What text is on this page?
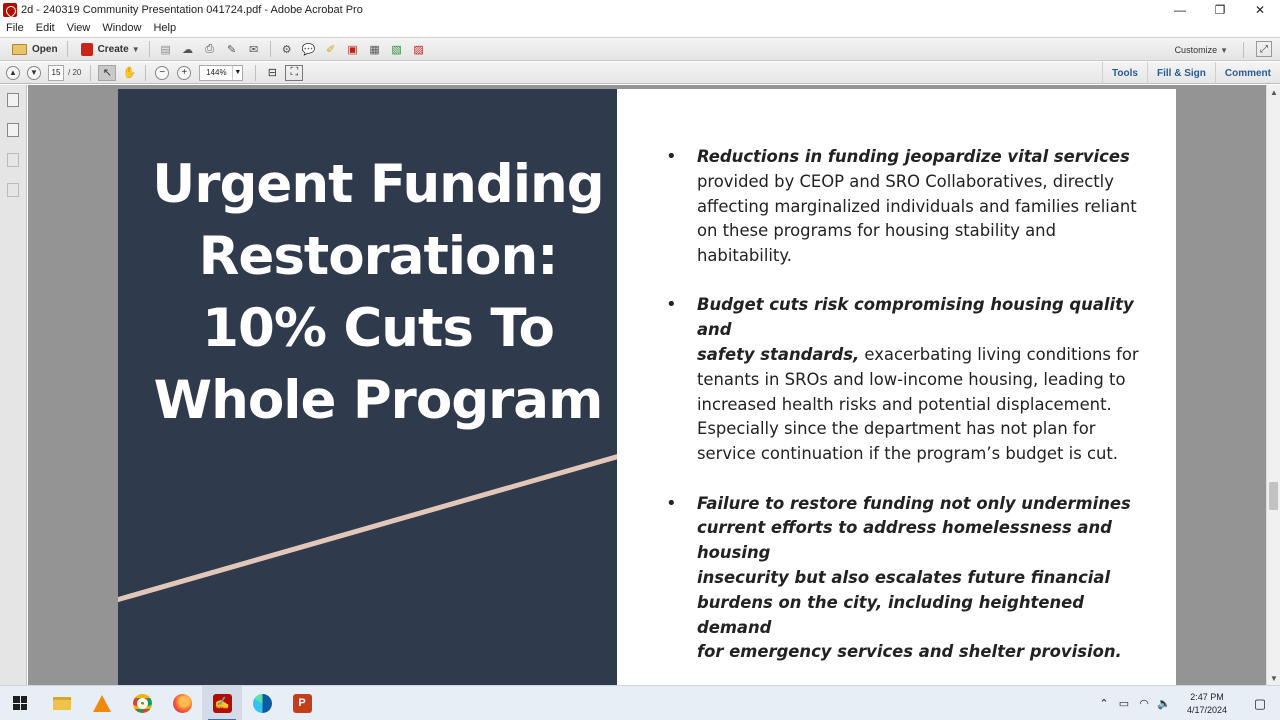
2d - 240319 Community Presentation 041724.pdf - Adobe Acrobat Pro	—	❐	✕
File	Edit	View	Window	Help
Open	Create ▼ ▤ ☁ ⎙ ✎ ✉ ⚙ 💬 ✐ ▣ ▦ ▧ ▨	Customize ▼	⤢
▲	▼	15 / 20	↖ ✋	−	+	144%	▼	⊟	⛶	Tools	Fill & Sign	Comment
Urgent Funding
Restoration:
10% Cuts To
Whole Program
• Reductions in funding jeopardize vital services
provided by CEOP and SRO Collaboratives, directly
affecting marginalized individuals and families reliant
on these programs for housing stability and
habitability.
• Budget cuts risk compromising housing quality and
safety standards, exacerbating living conditions for
tenants in SROs and low-income housing, leading to
increased health risks and potential displacement.
Especially since the department has not plan for
service continuation if the program’s budget is cut.
• Failure to restore funding not only undermines
current efforts to address homelessness and housing
insecurity but also escalates future financial
burdens on the city, including heightened demand
for emergency services and shelter provision.
▲
▼
✍	P	⌃ ▭ ◠ 🔈
2:47 PM
4/17/2024	▢
